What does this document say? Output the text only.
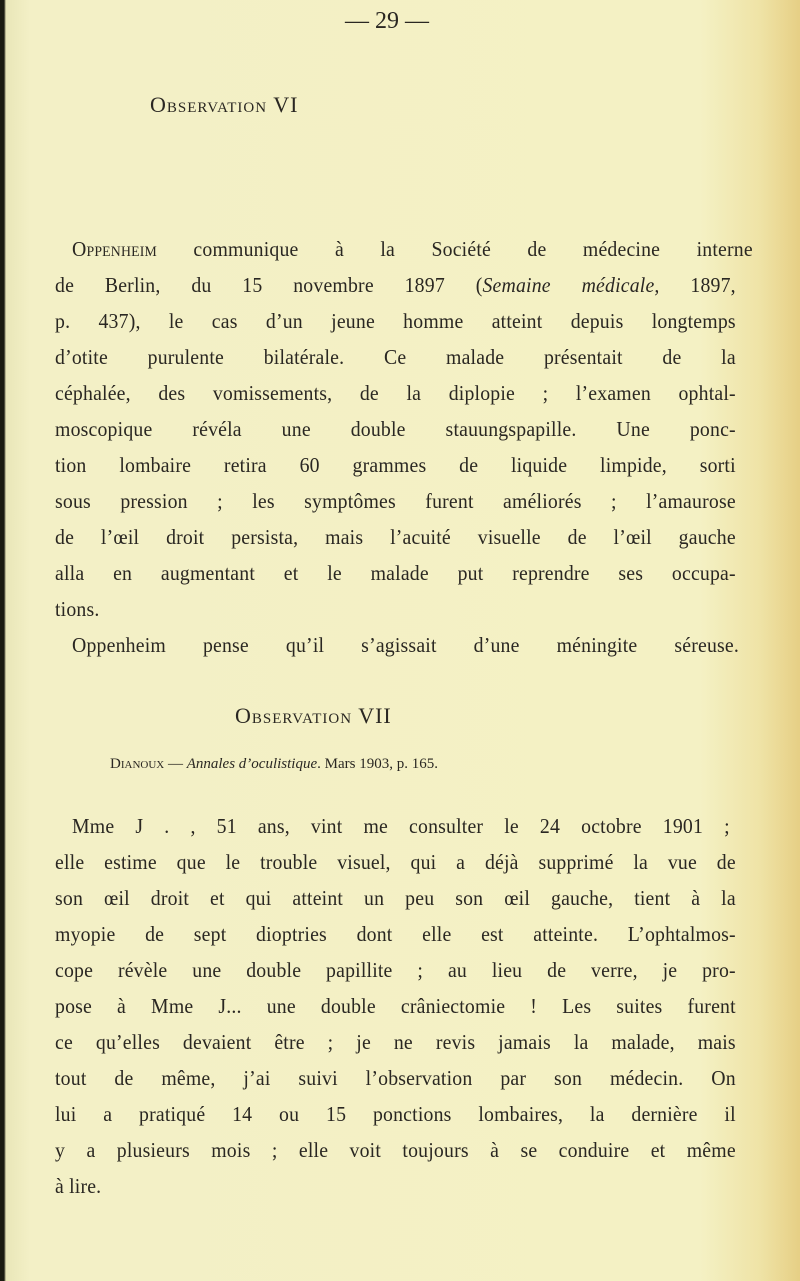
— 29 —
Observation VI
Oppenheim communique à la Société de médecine interne
de Berlin, du 15 novembre 1897 (Semaine médicale, 1897,
p. 437), le cas d’un jeune homme atteint depuis longtemps
d’otite purulente bilatérale. Ce malade présentait de la
céphalée, des vomissements, de la diplopie ; l’examen ophtal-
moscopique révéla une double stauungspapille. Une ponc-
tion lombaire retira 60 grammes de liquide limpide, sorti
sous pression ; les symptômes furent améliorés ; l’amaurose
de l’œil droit persista, mais l’acuité visuelle de l’œil gauche
alla en augmentant et le malade put reprendre ses occupa-
tions.
Oppenheim pense qu’il s’agissait d’une méningite séreuse.
Observation VII
Dianoux — Annales d’oculistique. Mars 1903, p. 165.
Mme J . , 51 ans, vint me consulter le 24 octobre 1901 ;
elle estime que le trouble visuel, qui a déjà supprimé la vue de
son œil droit et qui atteint un peu son œil gauche, tient à la
myopie de sept dioptries dont elle est atteinte. L’ophtalmos-
cope révèle une double papillite ; au lieu de verre, je pro-
pose à Mme J... une double crâniectomie ! Les suites furent
ce qu’elles devaient être ; je ne revis jamais la malade, mais
tout de même, j’ai suivi l’observation par son médecin. On
lui a pratiqué 14 ou 15 ponctions lombaires, la dernière il
y a plusieurs mois ; elle voit toujours à se conduire et même
à lire.
